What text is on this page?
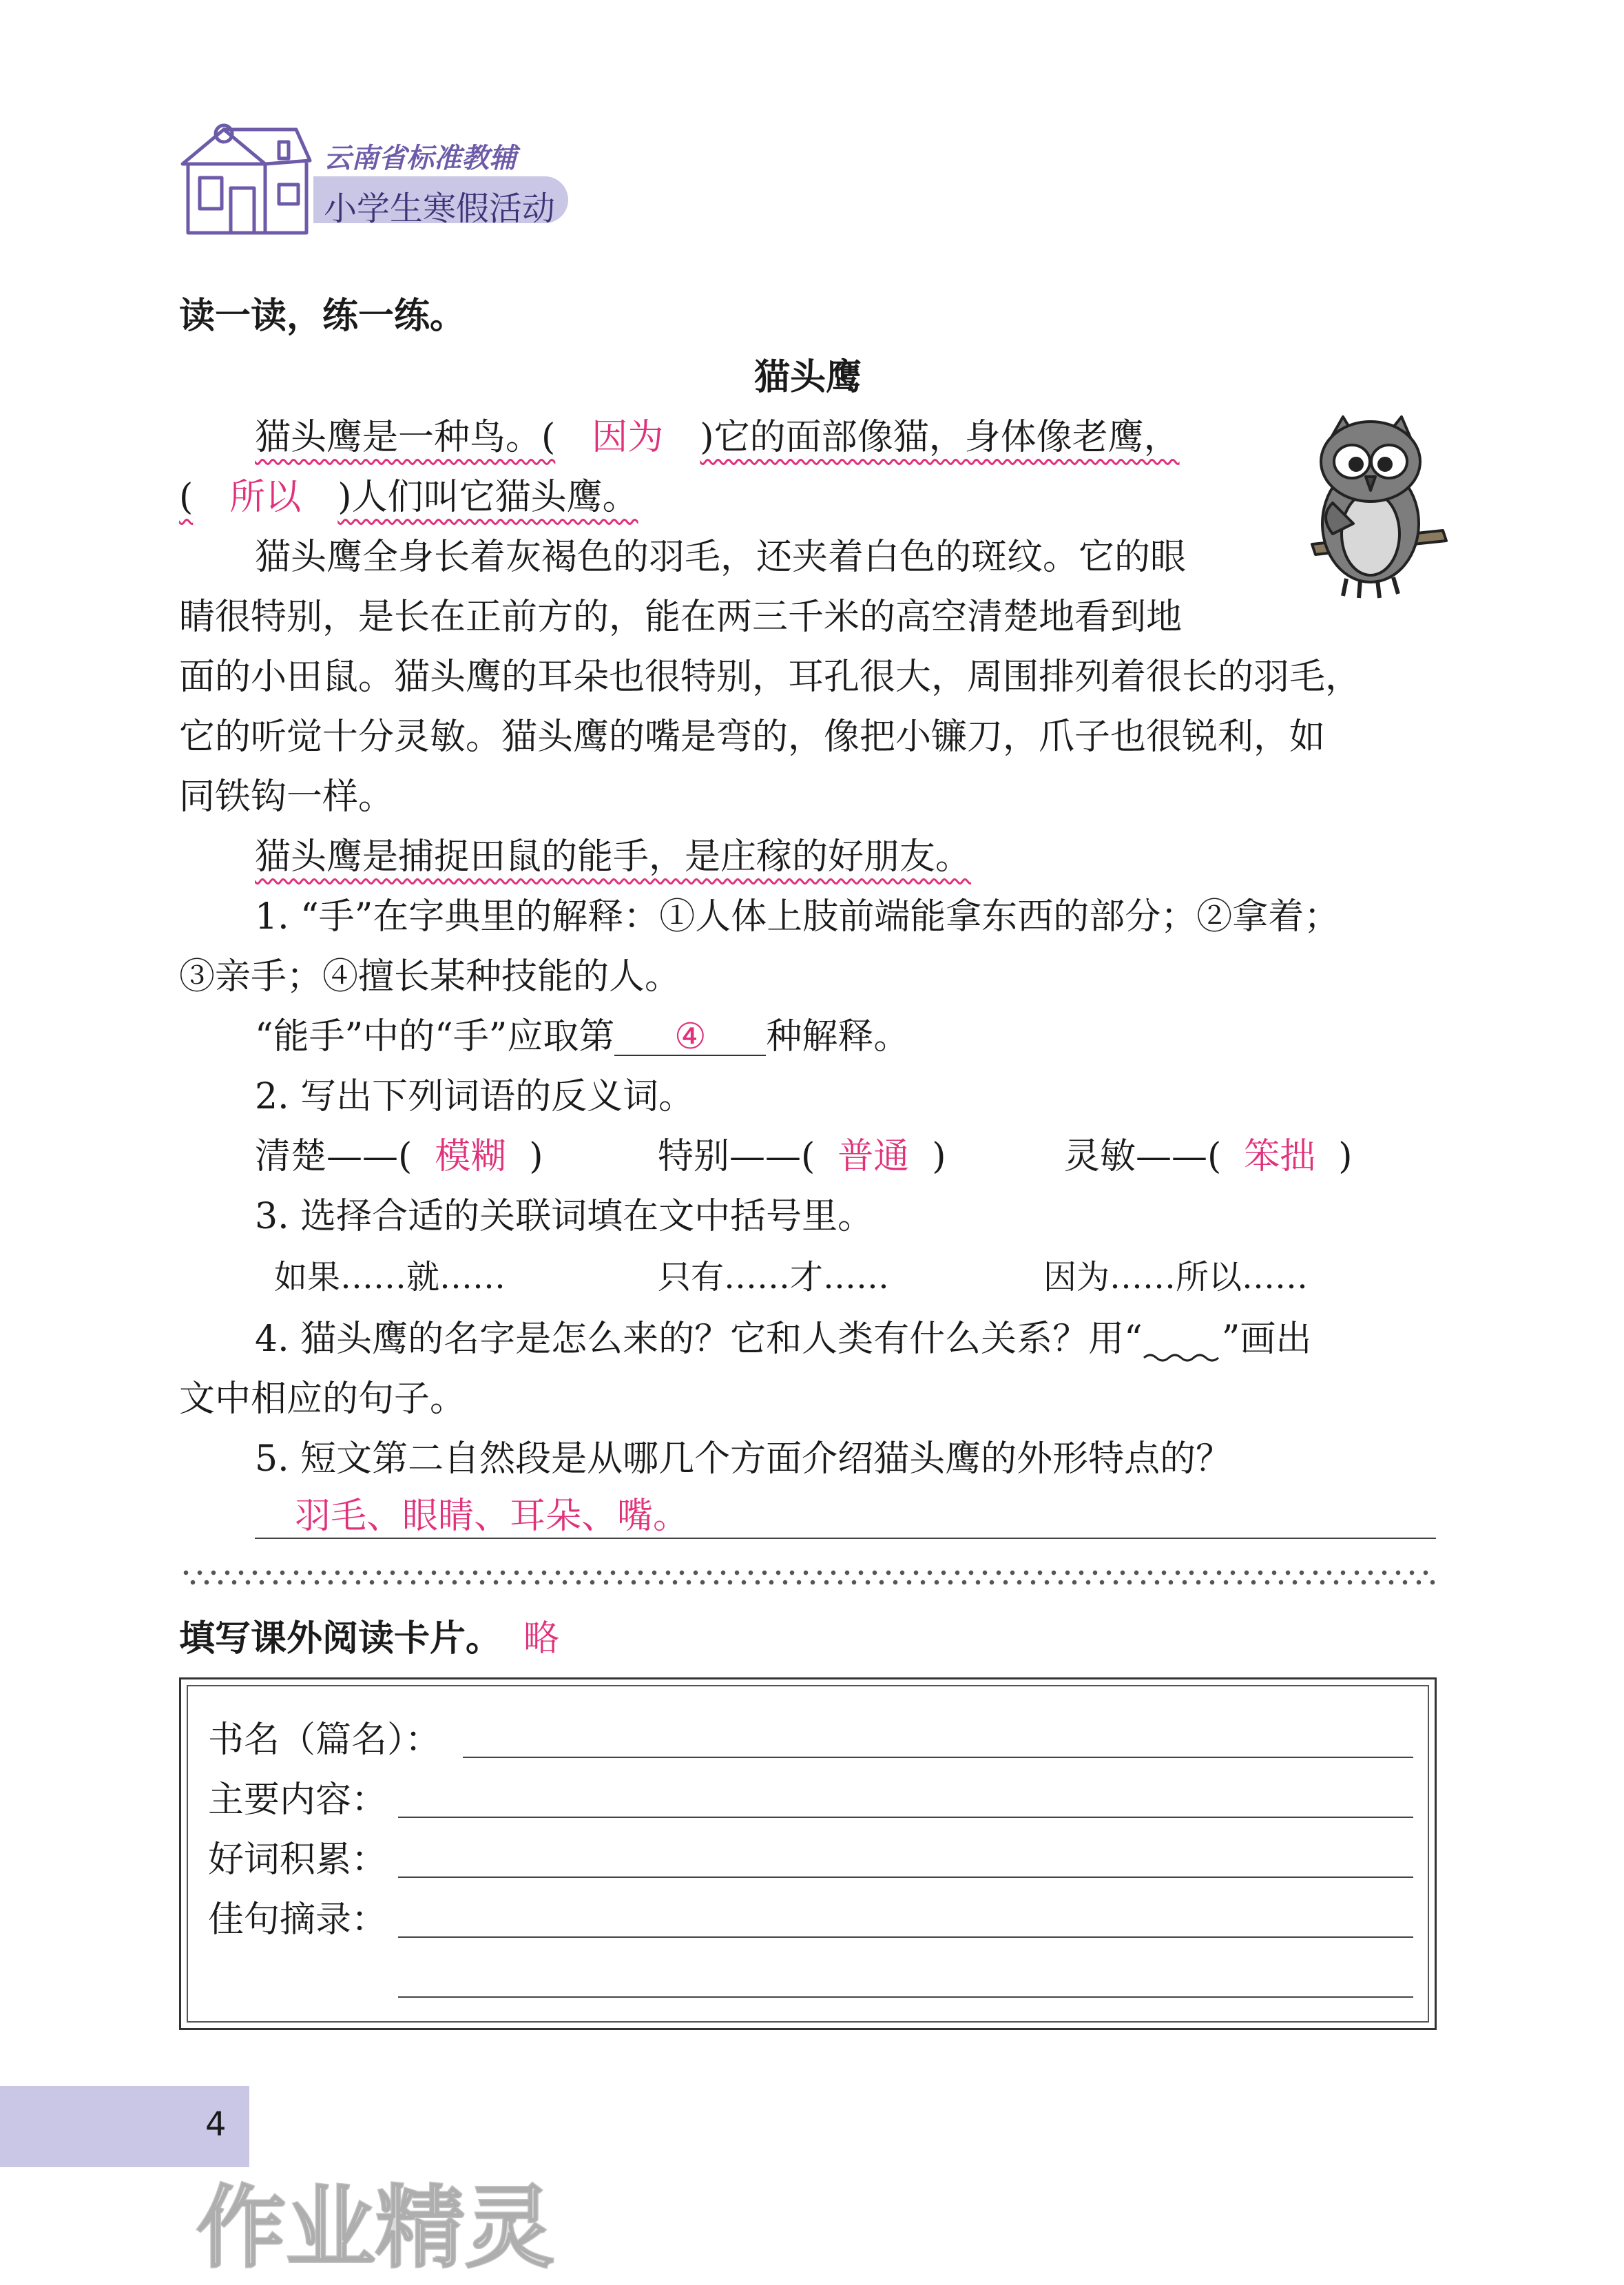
云南省标准教辅
小学生寒假活动
读一读，练一练。
猫头鹰
猫头鹰是一种鸟。( 因为 )它的面部像猫，身体像老鹰，
( 所以 )人们叫它猫头鹰。
猫头鹰全身长着灰褐色的羽毛，还夹着白色的斑纹。它的眼
睛很特别，是长在正前方的，能在两三千米的高空清楚地看到地
面的小田鼠。猫头鹰的耳朵也很特别，耳孔很大，周围排列着很长的羽毛，
它的听觉十分灵敏。猫头鹰的嘴是弯的，像把小镰刀，爪子也很锐利，如
同铁钩一样。
猫头鹰是捕捉田鼠的能手，是庄稼的好朋友。
1. “手”在字典里的解释：①人体上肢前端能拿东西的部分；②拿着；
③亲手；④擅长某种技能的人。
“能手”中的“手”应取第 ④ 种解释。
2. 写出下列词语的反义词。
清楚——( 模糊 )	特别——( 普通 )	灵敏——( 笨拙 )
3. 选择合适的关联词填在文中括号里。
如果……就……	只有……才……	因为……所以……
4. 猫头鹰的名字是怎么来的？它和人类有什么关系？用“ ”画出
文中相应的句子。
5. 短文第二自然段是从哪几个方面介绍猫头鹰的外形特点的？
羽毛、眼睛、耳朵、嘴。
填写课外阅读卡片。 略
书名（篇名）：
主要内容：
好词积累：
佳句摘录：
4
作业精灵
